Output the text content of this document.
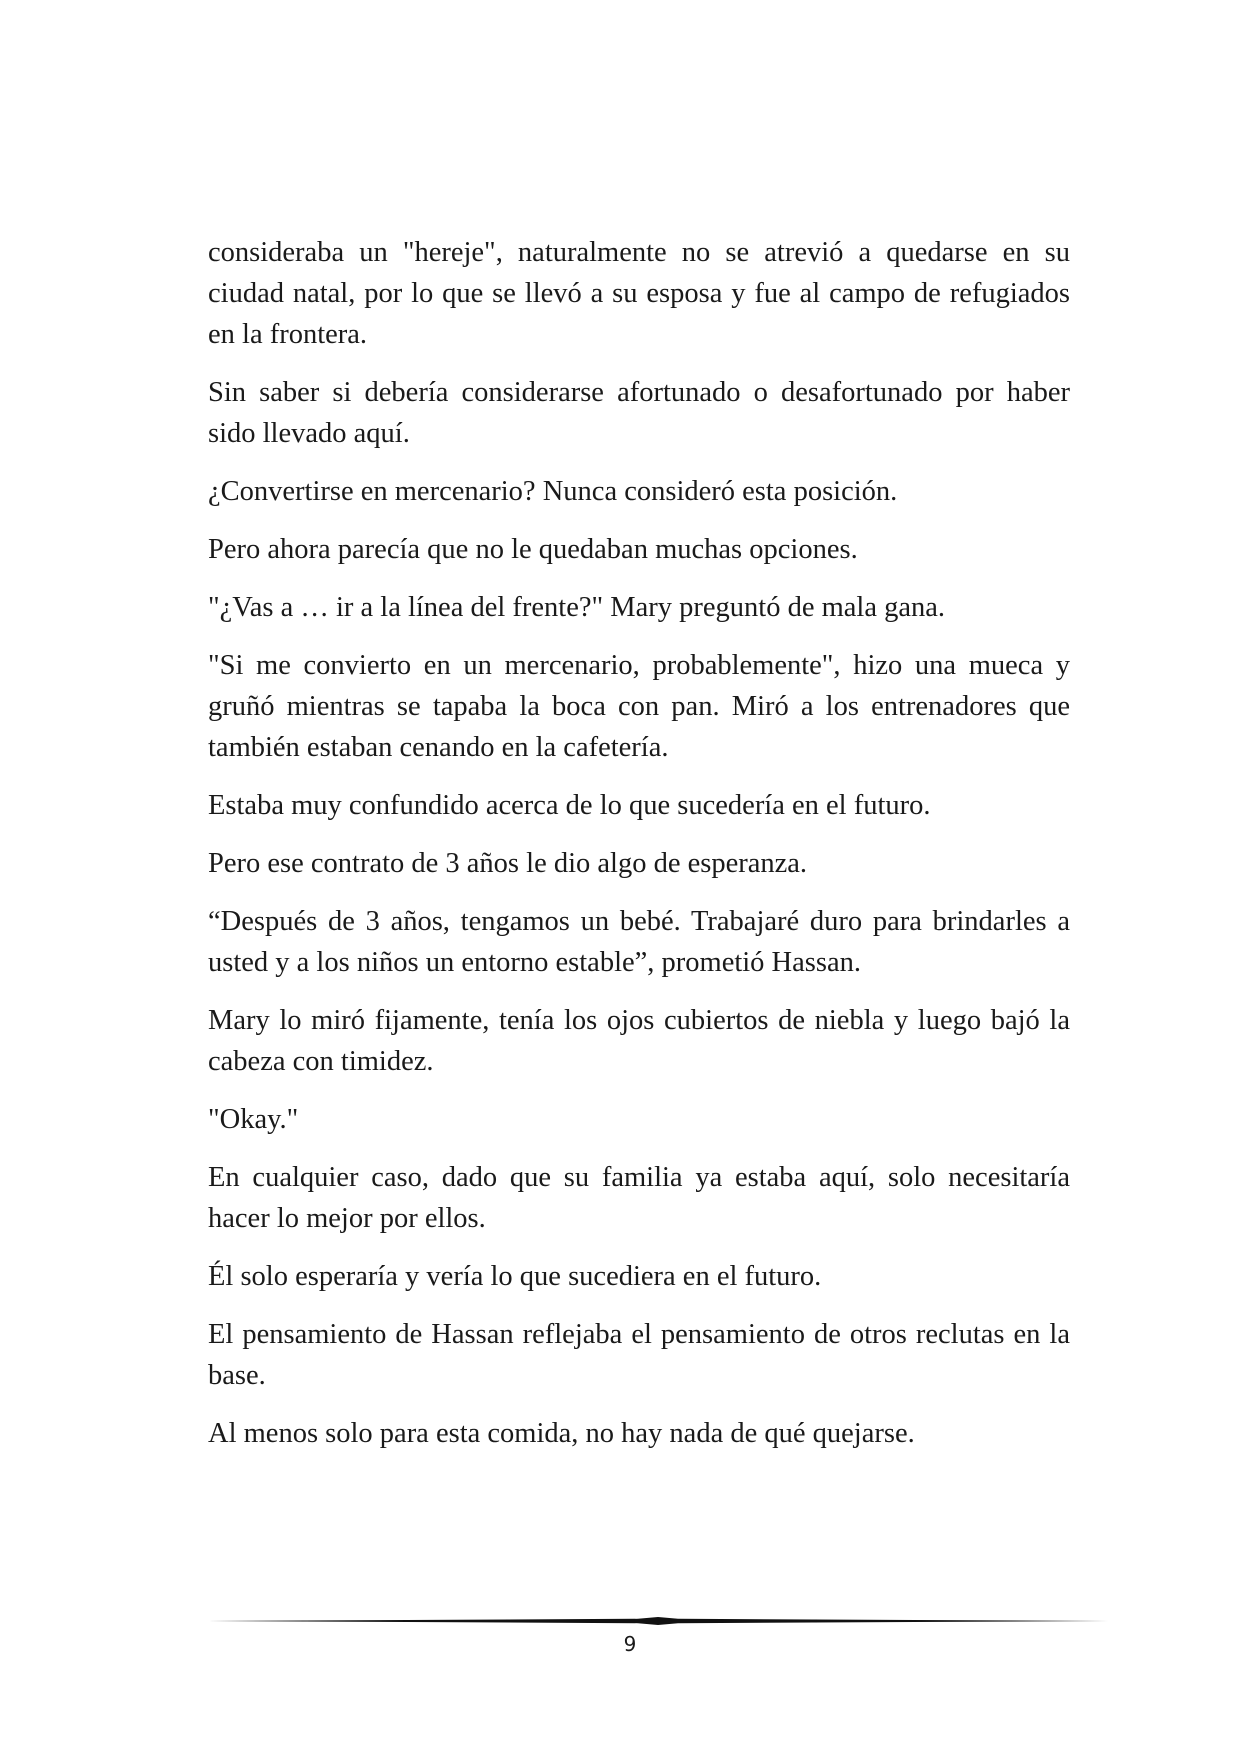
consideraba un "hereje", naturalmente no se atrevió a quedarse en su ciudad natal, por lo que se llevó a su esposa y fue al campo de refugiados en la frontera.

Sin saber si debería considerarse afortunado o desafortunado por haber sido llevado aquí.

¿Convertirse en mercenario? Nunca consideró esta posición.

Pero ahora parecía que no le quedaban muchas opciones.

"¿Vas a … ir a la línea del frente?" Mary preguntó de mala gana.

"Si me convierto en un mercenario, probablemente", hizo una mueca y gruñó mientras se tapaba la boca con pan. Miró a los entrenadores que también estaban cenando en la cafetería.

Estaba muy confundido acerca de lo que sucedería en el futuro.

Pero ese contrato de 3 años le dio algo de esperanza.

“Después de 3 años, tengamos un bebé. Trabajaré duro para brindarles a usted y a los niños un entorno estable”, prometió Hassan.

Mary lo miró fijamente, tenía los ojos cubiertos de niebla y luego bajó la cabeza con timidez.

"Okay."

En cualquier caso, dado que su familia ya estaba aquí, solo necesitaría hacer lo mejor por ellos.

Él solo esperaría y vería lo que sucediera en el futuro.

El pensamiento de Hassan reflejaba el pensamiento de otros reclutas en la base.

Al menos solo para esta comida, no hay nada de qué quejarse.

9
